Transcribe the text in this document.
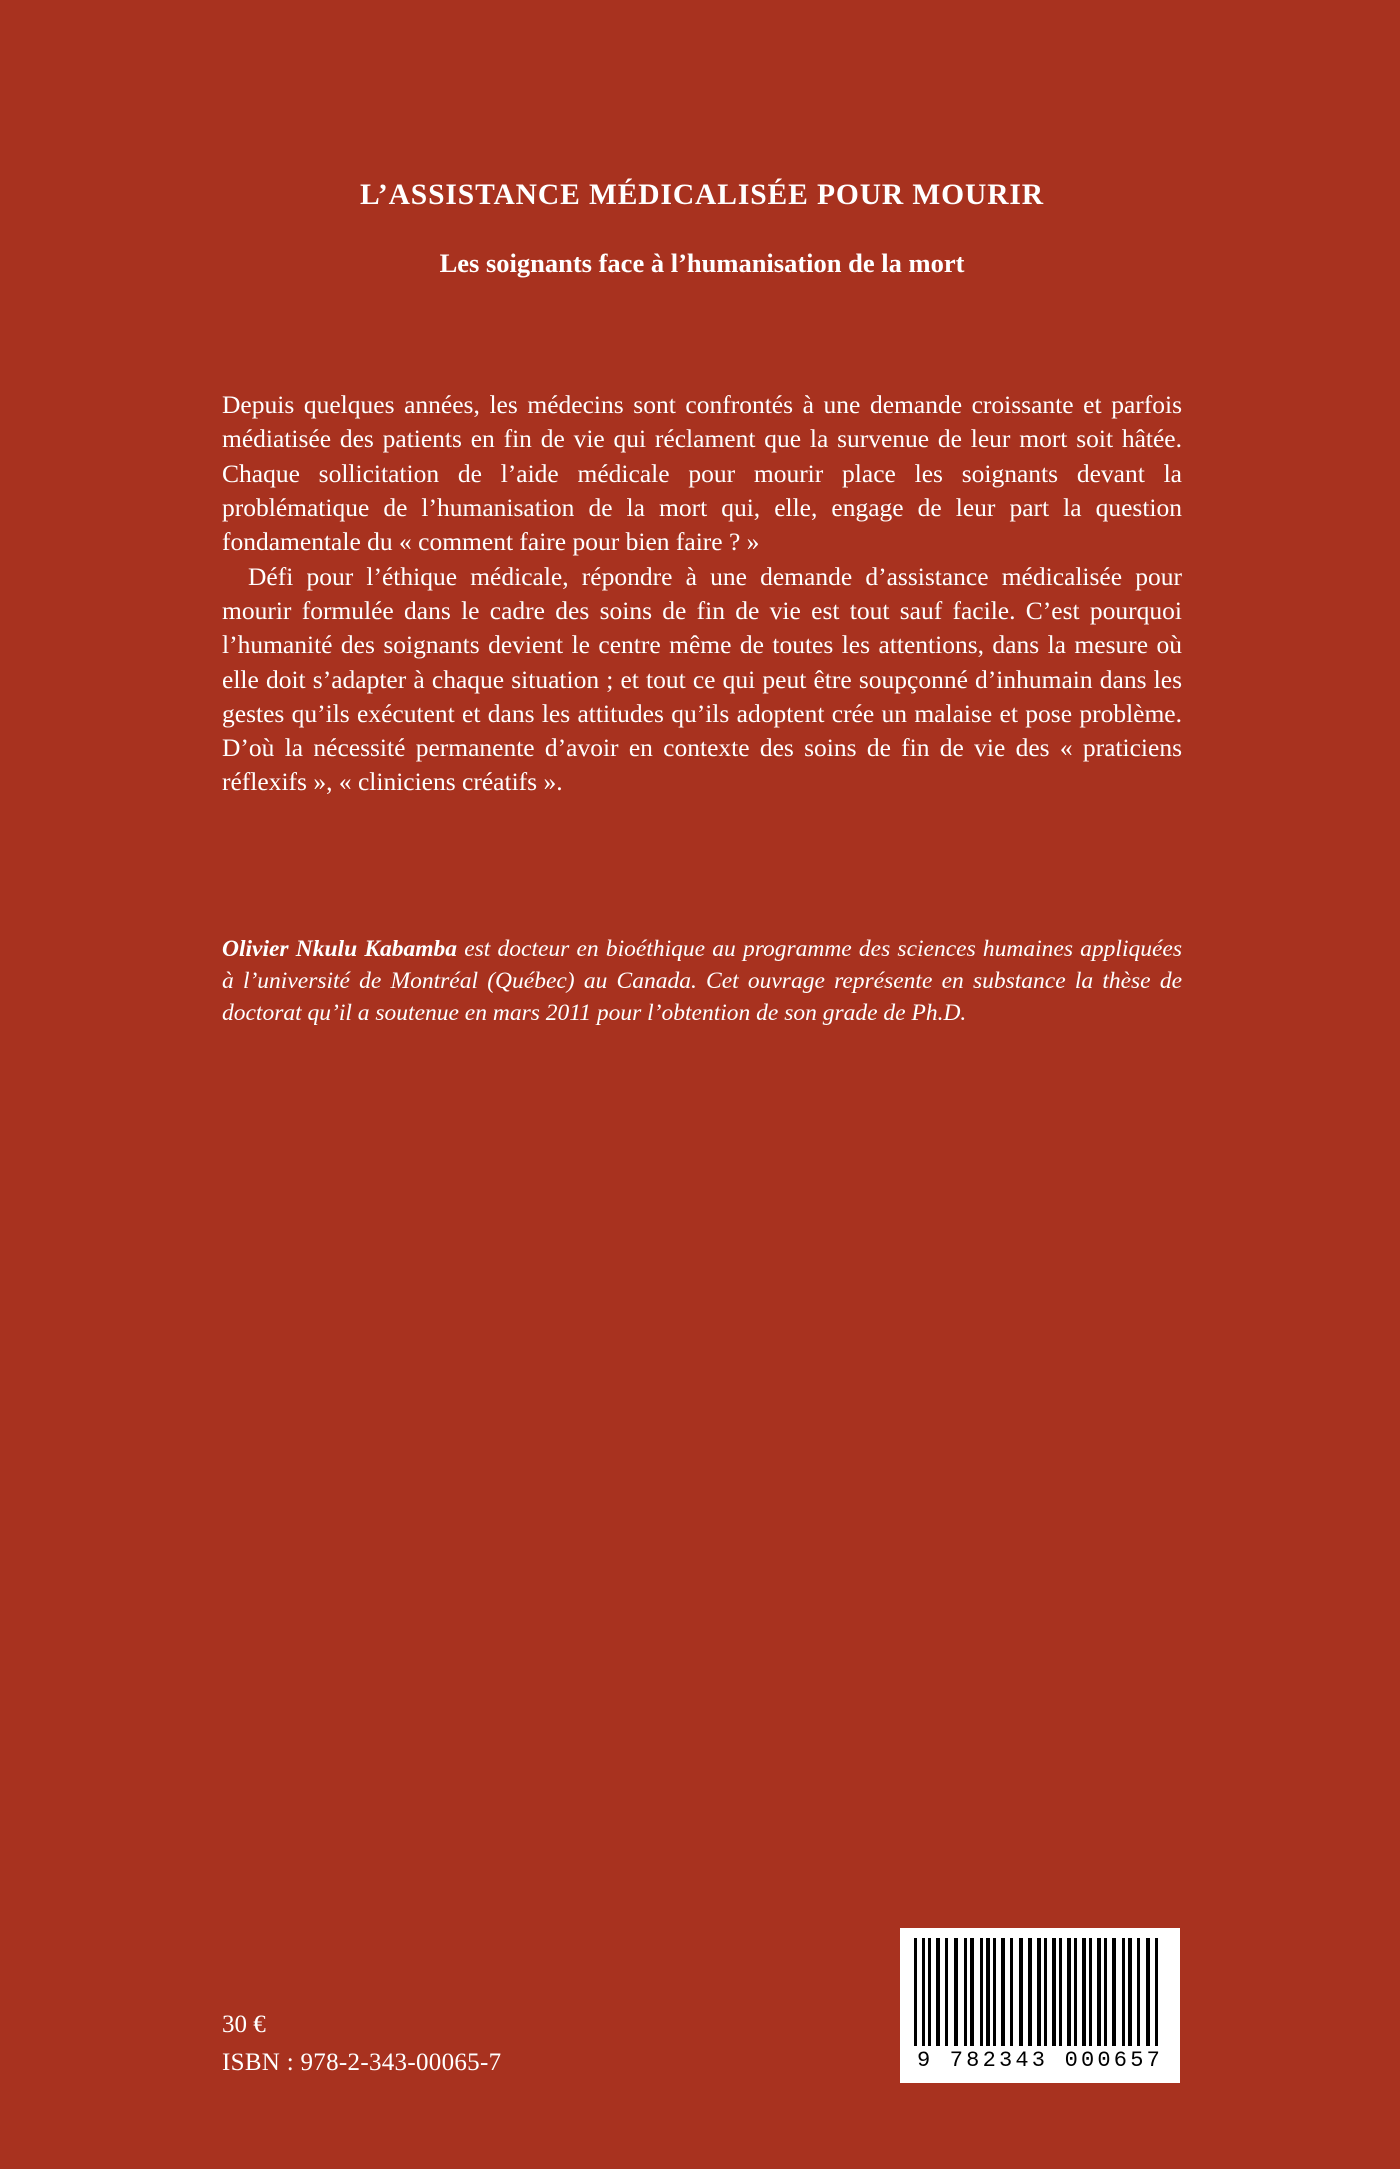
L’ASSISTANCE MÉDICALISÉE POUR MOURIR
Les soignants face à l’humanisation de la mort

Depuis quelques années, les médecins sont confrontés à une demande croissante et parfois médiatisée des patients en fin de vie qui réclament que la survenue de leur mort soit hâtée. Chaque sollicitation de l’aide médicale pour mourir place les soignants devant la problématique de l’humanisation de la mort qui, elle, engage de leur part la question fondamentale du « comment faire pour bien faire ? »

Défi pour l’éthique médicale, répondre à une demande d’assistance médicalisée pour mourir formulée dans le cadre des soins de fin de vie est tout sauf facile. C’est pourquoi l’humanité des soignants devient le centre même de toutes les attentions, dans la mesure où elle doit s’adapter à chaque situation ; et tout ce qui peut être soupçonné d’inhumain dans les gestes qu’ils exécutent et dans les attitudes qu’ils adoptent crée un malaise et pose problème. D’où la nécessité permanente d’avoir en contexte des soins de fin de vie des « praticiens réflexifs », « cliniciens créatifs ».

Olivier Nkulu Kabamba est docteur en bioéthique au programme des sciences humaines appliquées à l’université de Montréal (Québec) au Canada. Cet ouvrage représente en substance la thèse de doctorat qu’il a soutenue en mars 2011 pour l’obtention de son grade de Ph.D.
30 €
ISBN : 978-2-343-00065-7	9 782343 000657
